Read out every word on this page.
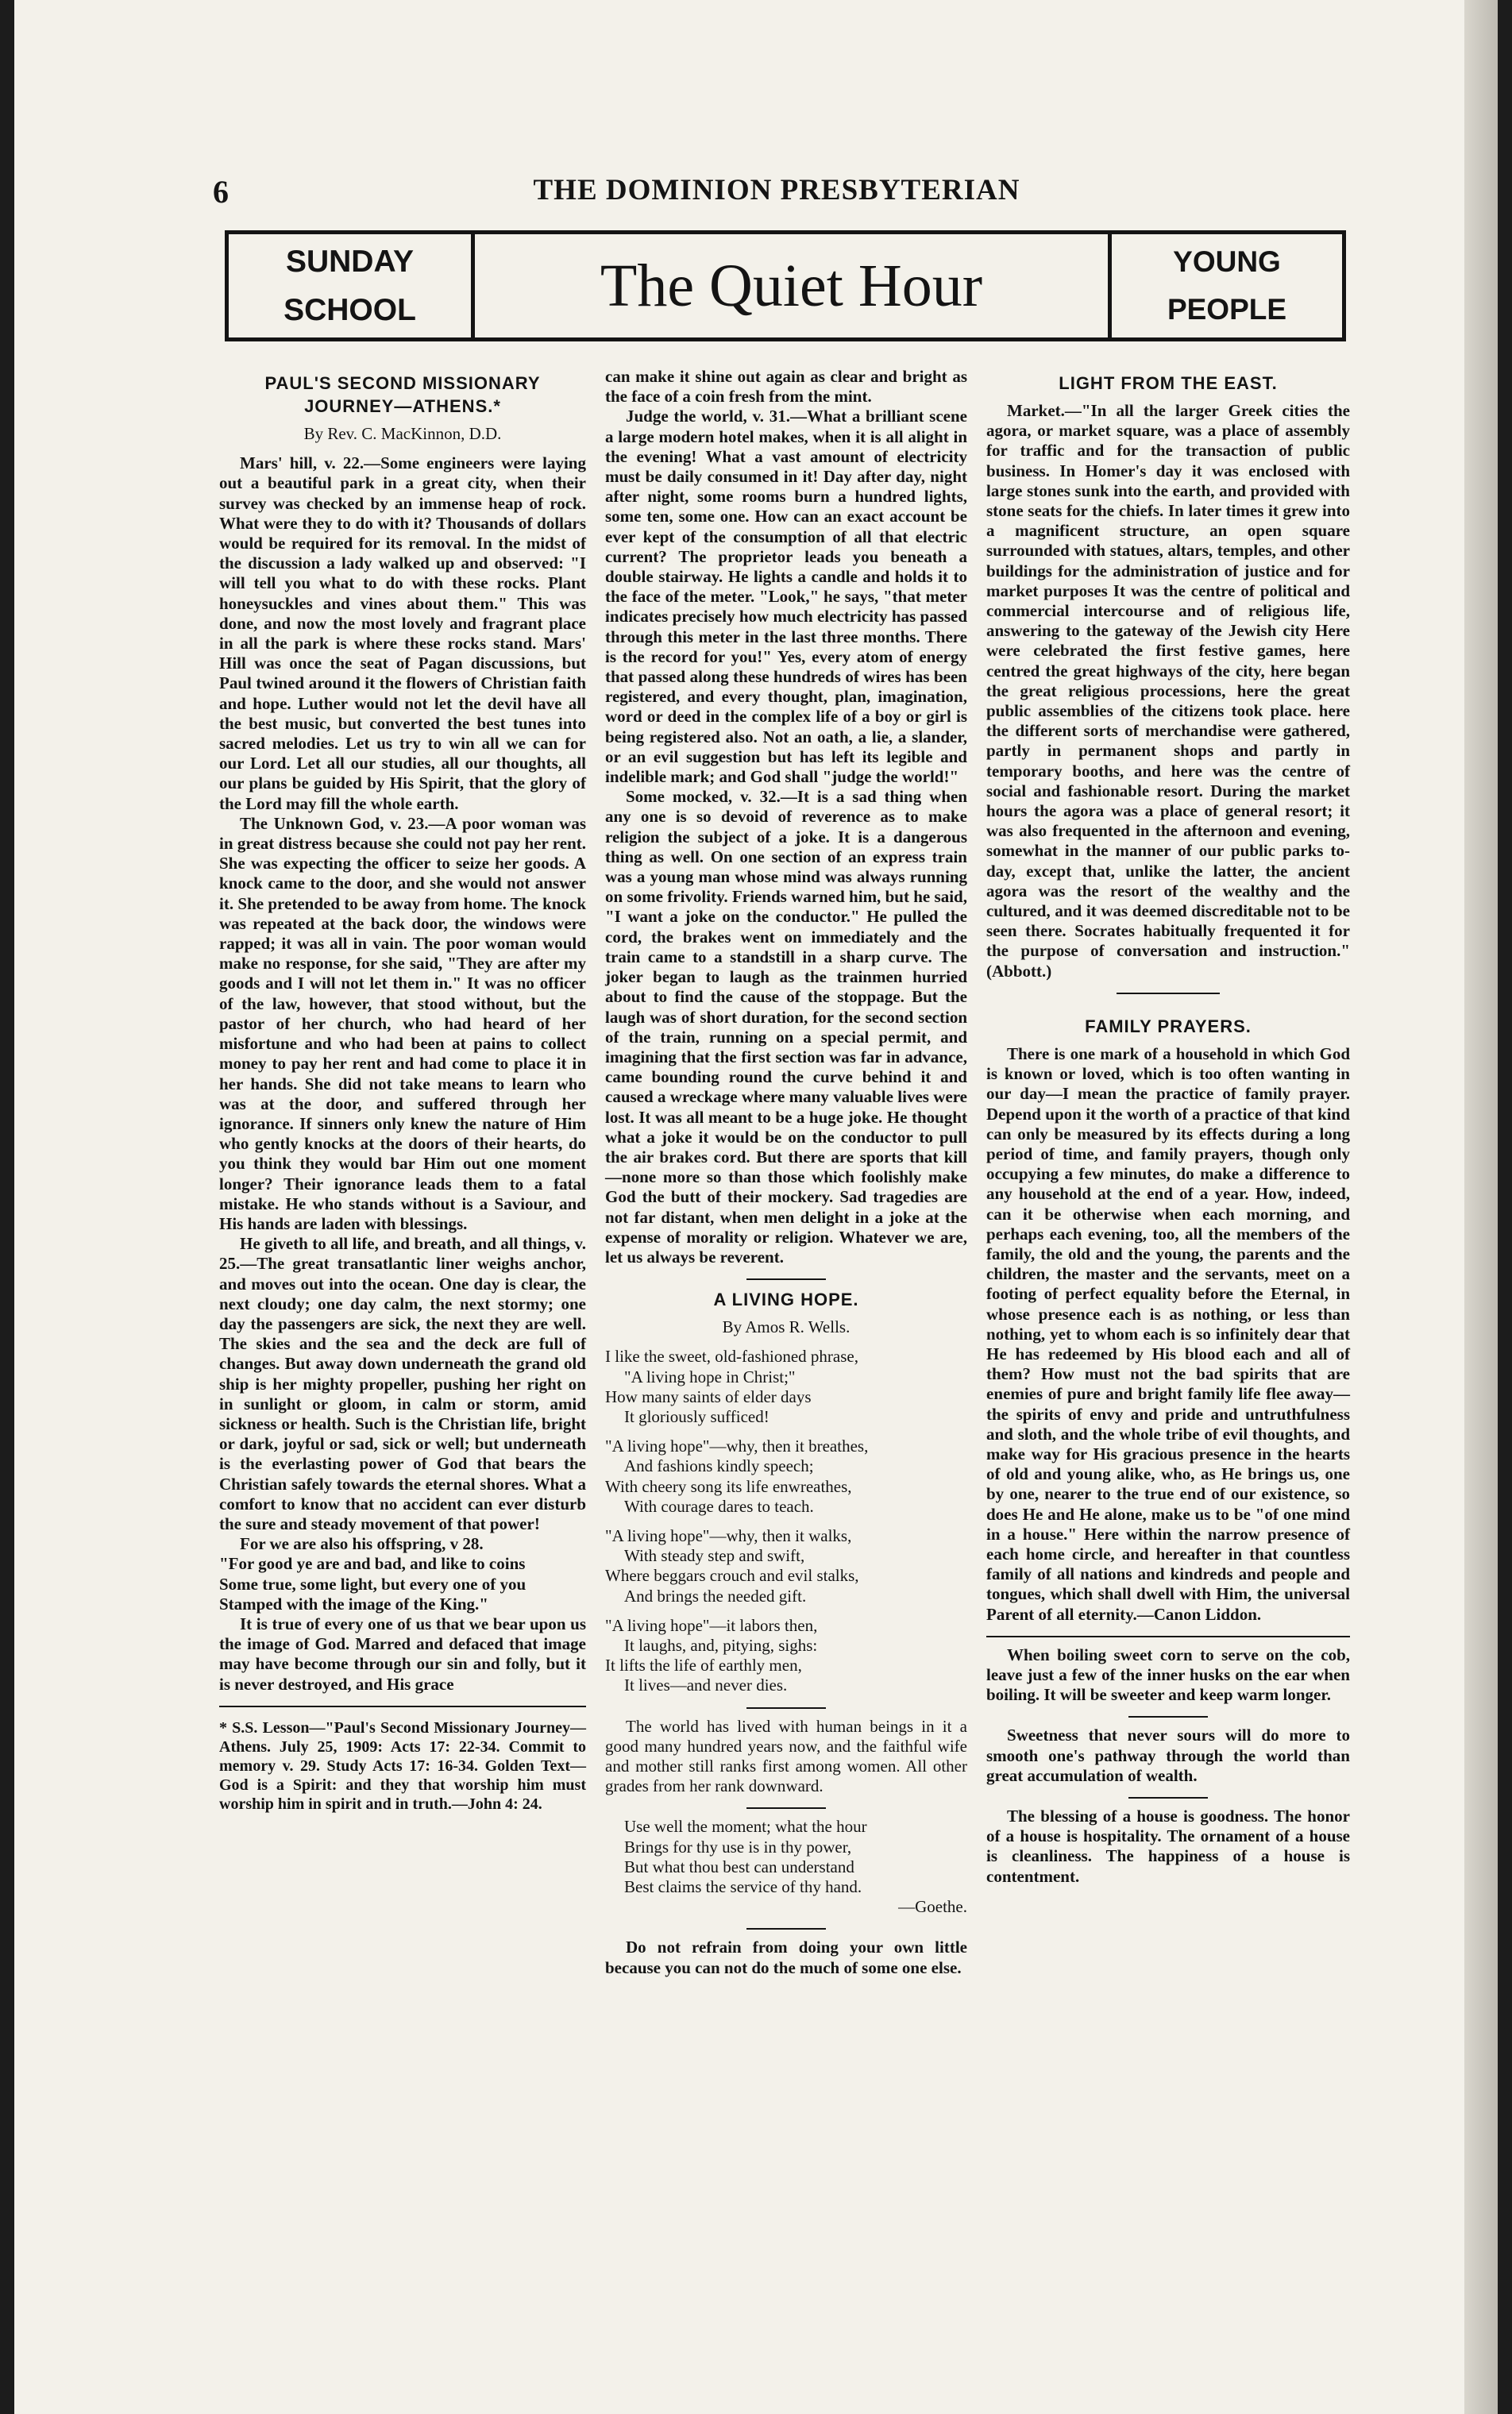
6	THE DOMINION PRESBYTERIAN
SUNDAY
SCHOOL	The Quiet Hour	YOUNG
PEOPLE
PAUL'S SECOND MISSIONARY JOURNEY—ATHENS.*
By Rev. C. MacKinnon, D.D.

Mars' hill, v. 22.—Some engineers were laying out a beautiful park in a great city, when their survey was checked by an immense heap of rock. What were they to do with it? Thousands of dollars would be required for its removal. In the midst of the discussion a lady walked up and observed: "I will tell you what to do with these rocks. Plant honeysuckles and vines about them." This was done, and now the most lovely and fragrant place in all the park is where these rocks stand. Mars' Hill was once the seat of Pagan discussions, but Paul twined around it the flowers of Christian faith and hope. Luther would not let the devil have all the best music, but converted the best tunes into sacred melodies. Let us try to win all we can for our Lord. Let all our studies, all our thoughts, all our plans be guided by His Spirit, that the glory of the Lord may fill the whole earth.

The Unknown God, v. 23.—A poor woman was in great distress because she could not pay her rent. She was expecting the officer to seize her goods. A knock came to the door, and she would not answer it. She pretended to be away from home. The knock was repeated at the back door, the windows were rapped; it was all in vain. The poor woman would make no response, for she said, "They are after my goods and I will not let them in." It was no officer of the law, however, that stood without, but the pastor of her church, who had heard of her misfortune and who had been at pains to collect money to pay her rent and had come to place it in her hands. She did not take means to learn who was at the door, and suffered through her ignorance. If sinners only knew the nature of Him who gently knocks at the doors of their hearts, do you think they would bar Him out one moment longer? Their ignorance leads them to a fatal mistake. He who stands without is a Saviour, and His hands are laden with blessings.

He giveth to all life, and breath, and all things, v. 25.—The great transatlantic liner weighs anchor, and moves out into the ocean. One day is clear, the next cloudy; one day calm, the next stormy; one day the passengers are sick, the next they are well. The skies and the sea and the deck are full of changes. But away down underneath the grand old ship is her mighty propeller, pushing her right on in sunlight or gloom, in calm or storm, amid sickness or health. Such is the Christian life, bright or dark, joyful or sad, sick or well; but underneath is the everlasting power of God that bears the Christian safely towards the eternal shores. What a comfort to know that no accident can ever disturb the sure and steady movement of that power!

For we are also his offspring, v 28.

"For good ye are and bad, and like to coins

Some true, some light, but every one of you

Stamped with the image of the King."

It is true of every one of us that we bear upon us the image of God. Marred and defaced that image may have become through our sin and folly, but it is never destroyed, and His grace

* S.S. Lesson—"Paul's Second Missionary Journey—Athens. July 25, 1909: Acts 17: 22-34. Commit to memory v. 29. Study Acts 17: 16-34. Golden Text—God is a Spirit: and they that worship him must worship him in spirit and in truth.—John 4: 24.

can make it shine out again as clear and bright as the face of a coin fresh from the mint.

Judge the world, v. 31.—What a brilliant scene a large modern hotel makes, when it is all alight in the evening! What a vast amount of electricity must be daily consumed in it! Day after day, night after night, some rooms burn a hundred lights, some ten, some one. How can an exact account be ever kept of the consumption of all that electric current? The proprietor leads you beneath a double stairway. He lights a candle and holds it to the face of the meter. "Look," he says, "that meter indicates precisely how much electricity has passed through this meter in the last three months. There is the record for you!" Yes, every atom of energy that passed along these hundreds of wires has been registered, and every thought, plan, imagination, word or deed in the complex life of a boy or girl is being registered also. Not an oath, a lie, a slander, or an evil suggestion but has left its legible and indelible mark; and God shall "judge the world!"

Some mocked, v. 32.—It is a sad thing when any one is so devoid of reverence as to make religion the subject of a joke. It is a dangerous thing as well. On one section of an express train was a young man whose mind was always running on some frivolity. Friends warned him, but he said, "I want a joke on the conductor." He pulled the cord, the brakes went on immediately and the train came to a standstill in a sharp curve. The joker began to laugh as the trainmen hurried about to find the cause of the stoppage. But the laugh was of short duration, for the second section of the train, running on a special permit, and imagining that the first section was far in advance, came bounding round the curve behind it and caused a wreckage where many valuable lives were lost. It was all meant to be a huge joke. He thought what a joke it would be on the conductor to pull the air brakes cord. But there are sports that kill—none more so than those which foolishly make God the butt of their mockery. Sad tragedies are not far distant, when men delight in a joke at the expense of morality or religion. Whatever we are, let us always be reverent.

A LIVING HOPE.
By Amos R. Wells.
I like the sweet, old-fashioned phrase,
"A living hope in Christ;"
How many saints of elder days
It gloriously sufficed!
"A living hope"—why, then it breathes,
And fashions kindly speech;
With cheery song its life enwreathes,
With courage dares to teach.
"A living hope"—why, then it walks,
With steady step and swift,
Where beggars crouch and evil stalks,
And brings the needed gift.
"A living hope"—it labors then,
It laughs, and, pitying, sighs:
It lifts the life of earthly men,
It lives—and never dies.

The world has lived with human beings in it a good many hundred years now, and the faithful wife and mother still ranks first among women. All other grades from her rank downward.

Use well the moment; what the hour
Brings for thy use is in thy power,
But what thou best can understand
Best claims the service of thy hand.
—Goethe.

Do not refrain from doing your own little because you can not do the much of some one else.

LIGHT FROM THE EAST.

Market.—"In all the larger Greek cities the agora, or market square, was a place of assembly for traffic and for the transaction of public business. In Homer's day it was enclosed with large stones sunk into the earth, and provided with stone seats for the chiefs. In later times it grew into a magnificent structure, an open square surrounded with statues, altars, temples, and other buildings for the administration of justice and for market purposes It was the centre of political and commercial intercourse and of religious life, answering to the gateway of the Jewish city Here were celebrated the first festive games, here centred the great highways of the city, here began the great religious processions, here the great public assemblies of the citizens took place. here the different sorts of merchandise were gathered, partly in permanent shops and partly in temporary booths, and here was the centre of social and fashionable resort. During the market hours the agora was a place of general resort; it was also frequented in the afternoon and evening, somewhat in the manner of our public parks to-day, except that, unlike the latter, the ancient agora was the resort of the wealthy and the cultured, and it was deemed discreditable not to be seen there. Socrates habitually frequented it for the purpose of conversation and instruction." (Abbott.)

FAMILY PRAYERS.

There is one mark of a household in which God is known or loved, which is too often wanting in our day—I mean the practice of family prayer. Depend upon it the worth of a practice of that kind can only be measured by its effects during a long period of time, and family prayers, though only occupying a few minutes, do make a difference to any household at the end of a year. How, indeed, can it be otherwise when each morning, and perhaps each evening, too, all the members of the family, the old and the young, the parents and the children, the master and the servants, meet on a footing of perfect equality before the Eternal, in whose presence each is as nothing, or less than nothing, yet to whom each is so infinitely dear that He has redeemed by His blood each and all of them? How must not the bad spirits that are enemies of pure and bright family life flee away—the spirits of envy and pride and untruthfulness and sloth, and the whole tribe of evil thoughts, and make way for His gracious presence in the hearts of old and young alike, who, as He brings us, one by one, nearer to the true end of our existence, so does He and He alone, make us to be "of one mind in a house." Here within the narrow presence of each home circle, and hereafter in that countless family of all nations and kindreds and people and tongues, which shall dwell with Him, the universal Parent of all eternity.—Canon Liddon.

When boiling sweet corn to serve on the cob, leave just a few of the inner husks on the ear when boiling. It will be sweeter and keep warm longer.

Sweetness that never sours will do more to smooth one's pathway through the world than great accumulation of wealth.

The blessing of a house is goodness. The honor of a house is hospitality. The ornament of a house is cleanliness. The happiness of a house is contentment.
